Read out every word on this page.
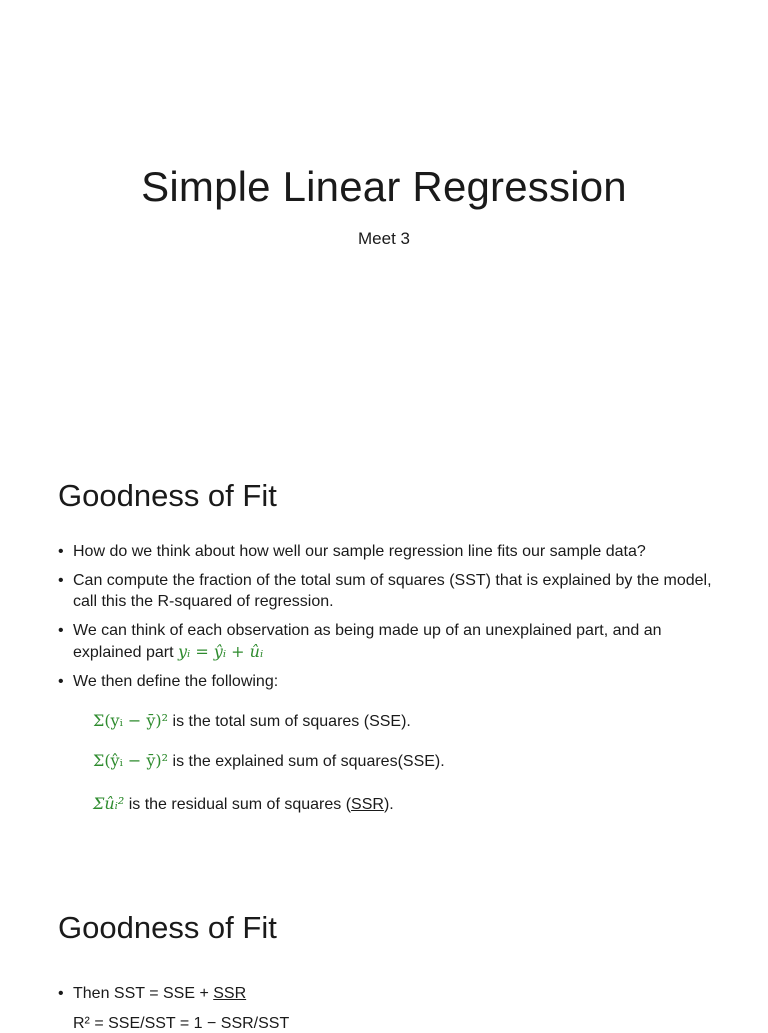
Simple Linear Regression
Meet 3
Goodness of Fit
• How do we think about how well our sample regression line fits our sample data?
• Can compute the fraction of the total sum of squares (SST) that is explained by the model, call this the R-squared of regression.
• We can think of each observation as being made up of an unexplained part, and an explained part yᵢ = ŷᵢ + ûᵢ
• We then define the following:
Σ(yᵢ − ȳ)² is the total sum of squares (SSE).
Σ(ŷᵢ − ȳ)² is the explained sum of squares(SSE).
Σûᵢ² is the residual sum of squares (SSR).
Goodness of Fit
• Then SST = SSE + SSR
R² = SSE/SST = 1 − SSR/SST
